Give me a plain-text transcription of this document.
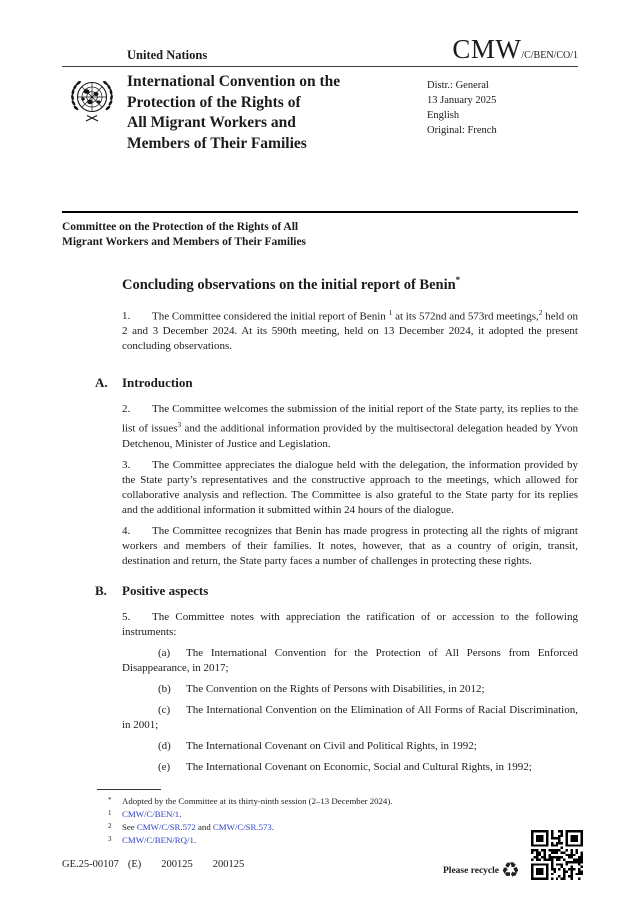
United Nations	CMW/C/BEN/CO/1
International Convention on the
Protection of the Rights of
All Migrant Workers and
Members of Their Families
Distr.: General
13 January 2025
English
Original: French
Committee on the Protection of the Rights of All
Migrant Workers and Members of Their Families
Concluding observations on the initial report of Benin*
1. The Committee considered the initial report of Benin $^1$ at its 572nd and 573rd meetings,$^2$ held on 2 and 3 December 2024. At its 590th meeting, held on 13 December 2024, it adopted the present concluding observations.
A. Introduction
2. The Committee welcomes the submission of the initial report of the State party, its replies to the list of issues$^3$ and the additional information provided by the multisectoral delegation headed by Yvon Detchenou, Minister of Justice and Legislation.
3. The Committee appreciates the dialogue held with the delegation, the information provided by the State party’s representatives and the constructive approach to the meetings, which allowed for collaborative analysis and reflection. The Committee is also grateful to the State party for its replies and the additional information it submitted within 24 hours of the dialogue.
4. The Committee recognizes that Benin has made progress in protecting all the rights of migrant workers and members of their families. It notes, however, that as a country of origin, transit, destination and return, the State party faces a number of challenges in protecting these rights.
B. Positive aspects
5. The Committee notes with appreciation the ratification of or accession to the following instruments:
(a) The International Convention for the Protection of All Persons from Enforced Disappearance, in 2017;
(b) The Convention on the Rights of Persons with Disabilities, in 2012;
(c) The International Convention on the Elimination of All Forms of Racial Discrimination, in 2001;
(d) The International Covenant on Civil and Political Rights, in 1992;
(e) The International Covenant on Economic, Social and Cultural Rights, in 1992;
* Adopted by the Committee at its thirty-ninth session (2–13 December 2024).
$^1$ CMW/C/BEN/1.
$^2$ See CMW/C/SR.572 and CMW/C/SR.573.
$^3$ CMW/C/BEN/RQ/1.
GE.25-00107 (E) 200125 200125
Please recycle ♻
